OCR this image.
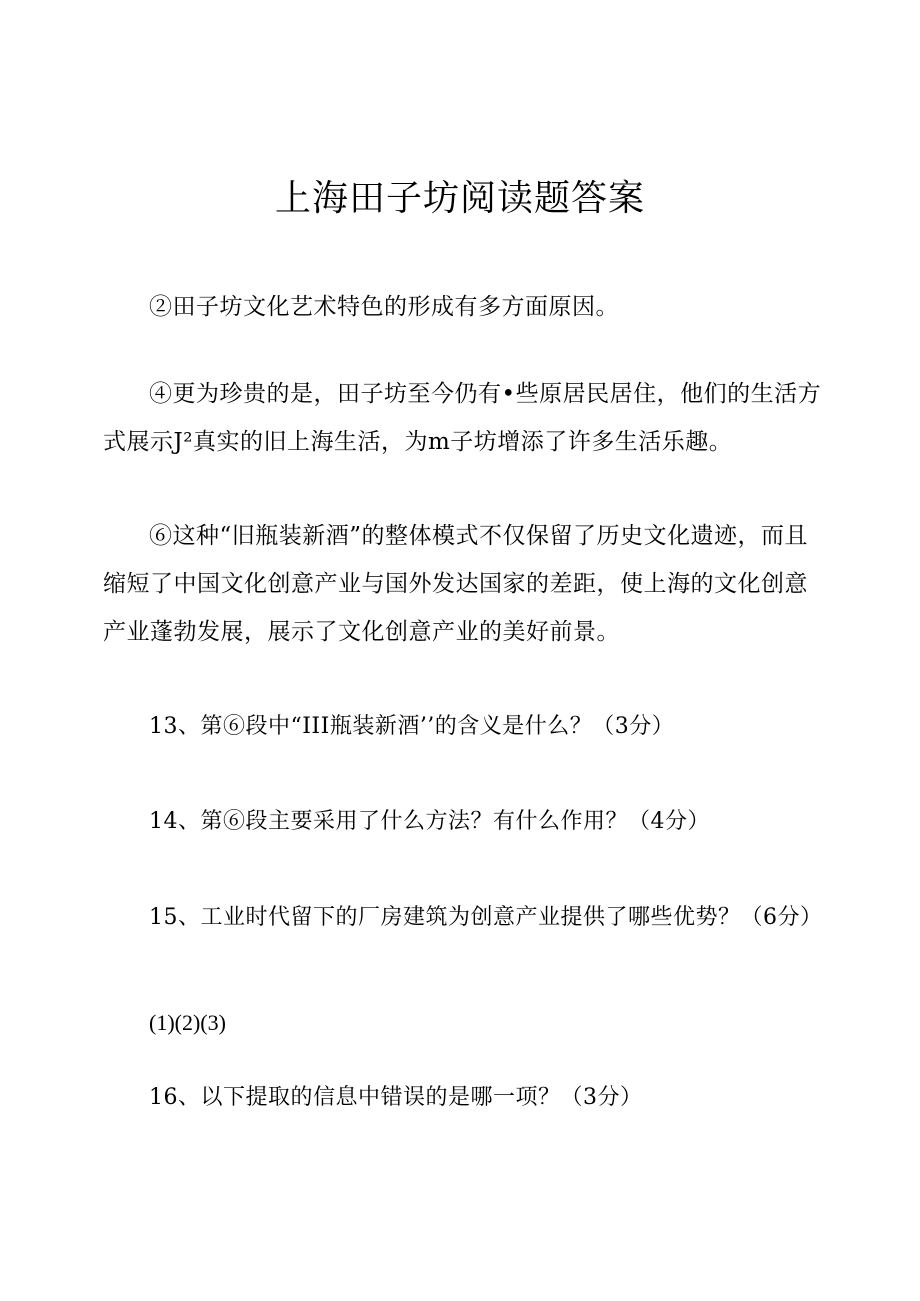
上海田子坊阅读题答案

②田子坊文化艺术特色的形成有多方面原因。

④更为珍贵的是，田子坊至今仍有•些原居民居住，他们的生活方式展示J²真实的旧上海生活，为m子坊增添了许多生活乐趣。

⑥这种“旧瓶装新酒”的整体模式不仅保留了历史文化遗迹，而且缩短了中国文化创意产业与国外发达国家的差距，使上海的文化创意产业蓬勃发展，展示了文化创意产业的美好前景。

13、第⑥段中“III瓶装新酒’’的含义是什么？（3分）

14、第⑥段主要采用了什么方法？有什么作用？（4分）

15、工业时代留下的厂房建筑为创意产业提供了哪些优势？（6分）

(1)(2)(3)

16、以下提取的信息中错误的是哪一项？（3分）
